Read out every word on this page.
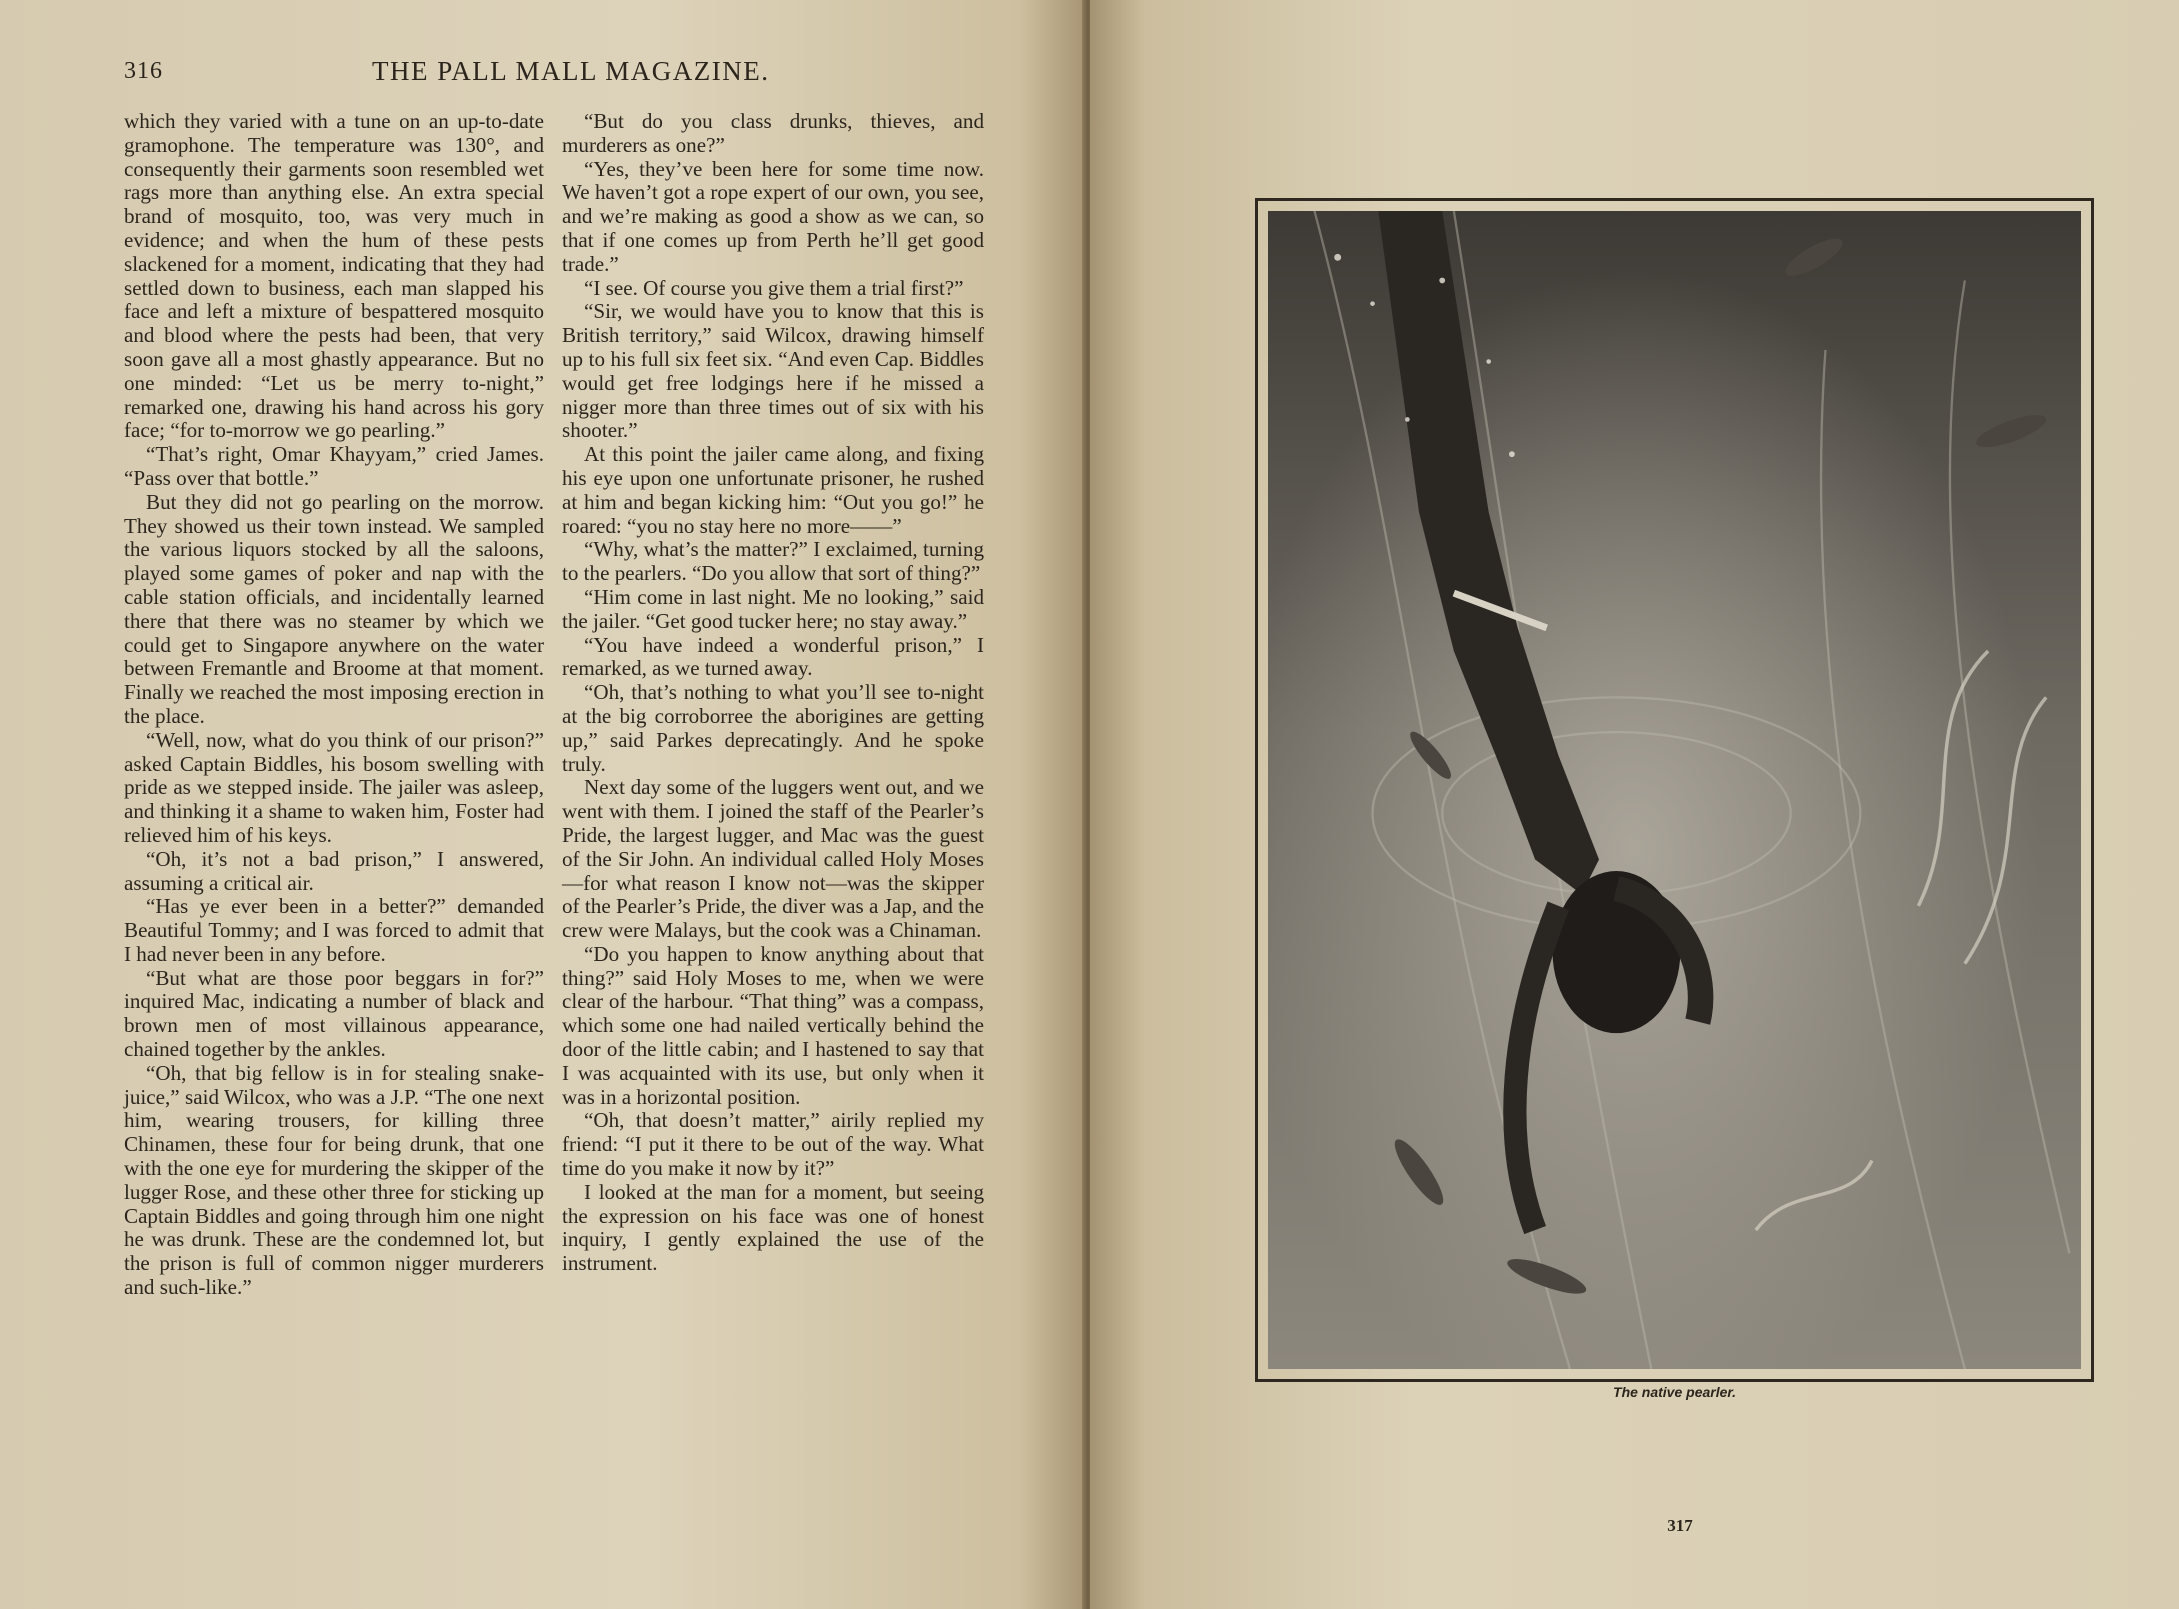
316	THE PALL MALL MAGAZINE.

which they varied with a tune on an up-to-date gramophone. The temperature was 130°, and consequently their garments soon resembled wet rags more than anything else. An extra special brand of mosquito, too, was very much in evidence; and when the hum of these pests slackened for a moment, indicating that they had settled down to business, each man slapped his face and left a mixture of bespattered mosquito and blood where the pests had been, that very soon gave all a most ghastly appearance. But no one minded: “Let us be merry to-night,” remarked one, drawing his hand across his gory face; “for to-morrow we go pearling.”

“That’s right, Omar Khayyam,” cried James. “Pass over that bottle.”

But they did not go pearling on the morrow. They showed us their town instead. We sampled the various liquors stocked by all the saloons, played some games of poker and nap with the cable station officials, and incidentally learned there that there was no steamer by which we could get to Singapore anywhere on the water between Fremantle and Broome at that moment. Finally we reached the most imposing erection in the place.

“Well, now, what do you think of our prison?” asked Captain Biddles, his bosom swelling with pride as we stepped inside. The jailer was asleep, and thinking it a shame to waken him, Foster had relieved him of his keys.

“Oh, it’s not a bad prison,” I answered, assuming a critical air.

“Has ye ever been in a better?” demanded Beautiful Tommy; and I was forced to admit that I had never been in any before.

“But what are those poor beggars in for?” inquired Mac, indicating a number of black and brown men of most villainous appearance, chained together by the ankles.

“Oh, that big fellow is in for stealing snake-juice,” said Wilcox, who was a J.P. “The one next him, wearing trousers, for killing three Chinamen, these four for being drunk, that one with the one eye for murdering the skipper of the lugger Rose, and these other three for sticking up Captain Biddles and going through him one night he was drunk. These are the condemned lot, but the prison is full of common nigger murderers and such-like.”

“But do you class drunks, thieves, and murderers as one?”

“Yes, they’ve been here for some time now. We haven’t got a rope expert of our own, you see, and we’re making as good a show as we can, so that if one comes up from Perth he’ll get good trade.”

“I see. Of course you give them a trial first?”

“Sir, we would have you to know that this is British territory,” said Wilcox, drawing himself up to his full six feet six. “And even Cap. Biddles would get free lodgings here if he missed a nigger more than three times out of six with his shooter.”

At this point the jailer came along, and fixing his eye upon one unfortunate prisoner, he rushed at him and began kicking him: “Out you go!” he roared: “you no stay here no more——”

“Why, what’s the matter?” I exclaimed, turning to the pearlers. “Do you allow that sort of thing?”

“Him come in last night. Me no looking,” said the jailer. “Get good tucker here; no stay away.”

“You have indeed a wonderful prison,” I remarked, as we turned away.

“Oh, that’s nothing to what you’ll see to-night at the big corroborree the aborigines are getting up,” said Parkes deprecatingly. And he spoke truly.

Next day some of the luggers went out, and we went with them. I joined the staff of the Pearler’s Pride, the largest lugger, and Mac was the guest of the Sir John. An individual called Holy Moses—for what reason I know not—was the skipper of the Pearler’s Pride, the diver was a Jap, and the crew were Malays, but the cook was a Chinaman.

“Do you happen to know anything about that thing?” said Holy Moses to me, when we were clear of the harbour. “That thing” was a compass, which some one had nailed vertically behind the door of the little cabin; and I hastened to say that I was acquainted with its use, but only when it was in a horizontal position.

“Oh, that doesn’t matter,” airily replied my friend: “I put it there to be out of the way. What time do you make it now by it?”

I looked at the man for a moment, but seeing the expression on his face was one of honest inquiry, I gently explained the use of the instrument.

The native pearler.
317
